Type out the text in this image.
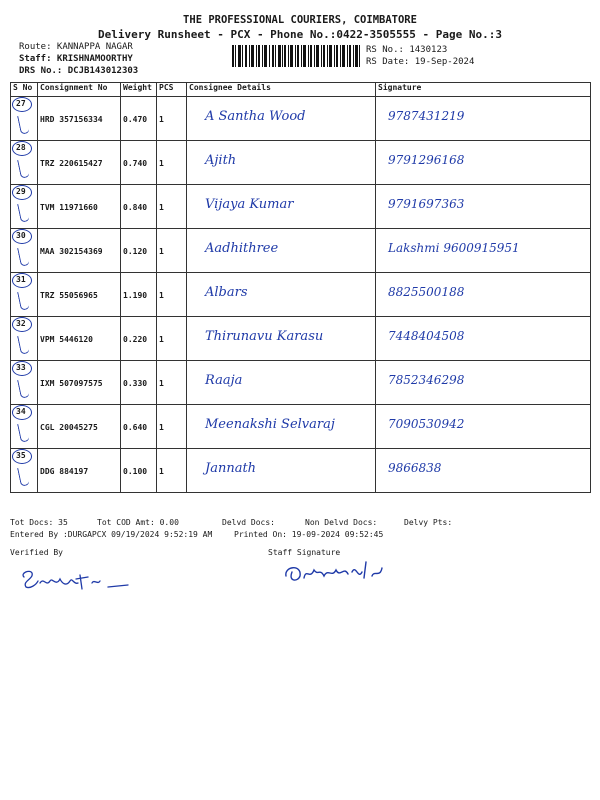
THE PROFESSIONAL COURIERS, COIMBATORE
Delivery Runsheet - PCX - Phone No.:0422-3505555 - Page No.:3
Route: KANNAPPA NAGAR
Staff: KRISHNAMOORTHY
DRS No.: DCJB143012303
RS No.: 1430123
RS Date: 19-Sep-2024
S No	Consignment No	Weight	PCS	Consignee Details	Signature
27	HRD 357156334	0.470	1	A Santha Wood	9787431219

28	TRZ 220615427	0.740	1	Ajith	9791296168

29	TVM 11971660	0.840	1	Vijaya Kumar	9791697363

30	MAA 302154369	0.120	1	Aadhithree	Lakshmi 9600915951

31	TRZ 55056965	1.190	1	Albars	8825500188

32	VPM 5446120	0.220	1	Thirunavu Karasu	7448404508

33	IXM 507097575	0.330	1	Raaja	7852346298

34	CGL 20045275	0.640	1	Meenakshi Selvaraj	7090530942

35	DDG 884197	0.100	1	Jannath	9866838
Tot Docs: 35	Tot COD Amt: 0.00	Delvd Docs:	Non Delvd Docs:	Delvy Pts:
Entered By :DURGAPCX 09/19/2024 9:52:19 AM	Printed On: 19-09-2024 09:52:45
Verified By	Staff Signature
